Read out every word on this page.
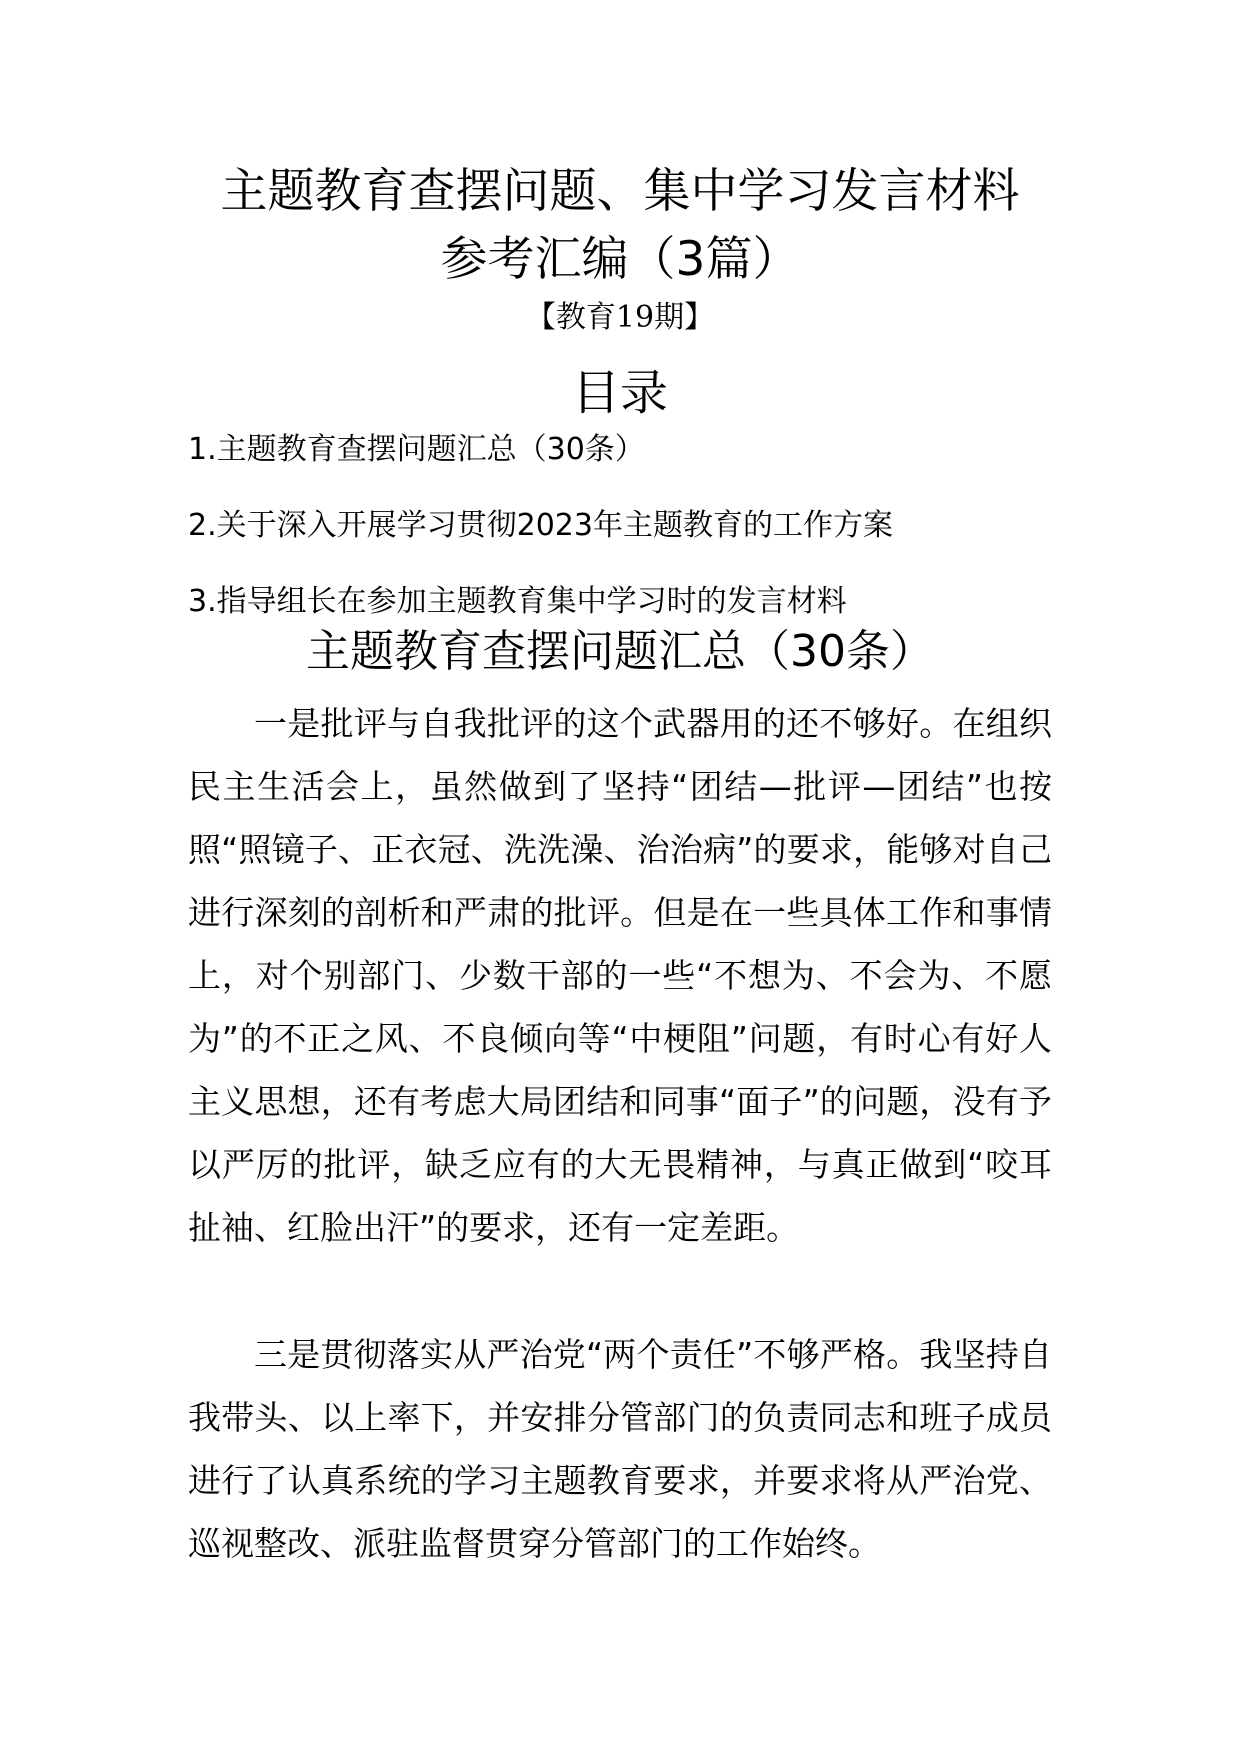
主题教育查摆问题、集中学习发言材料参考汇编（3篇）
【教育19期】
目录
1.主题教育查摆问题汇总（30条）
2.关于深入开展学习贯彻2023年主题教育的工作方案
3.指导组长在参加主题教育集中学习时的发言材料
主题教育查摆问题汇总（30条）

一是批评与自我批评的这个武器用的还不够好。在组织民主生活会上，虽然做到了坚持“团结—批评—团结”也按照“照镜子、正衣冠、洗洗澡、治治病”的要求，能够对自己进行深刻的剖析和严肃的批评。但是在一些具体工作和事情上，对个别部门、少数干部的一些“不想为、不会为、不愿为”的不正之风、不良倾向等“中梗阻”问题，有时心有好人主义思想，还有考虑大局团结和同事“面子”的问题，没有予以严厉的批评，缺乏应有的大无畏精神，与真正做到“咬耳扯袖、红脸出汗”的要求，还有一定差距。

三是贯彻落实从严治党“两个责任”不够严格。我坚持自我带头、以上率下，并安排分管部门的负责同志和班子成员进行了认真系统的学习主题教育要求，并要求将从严治党、巡视整改、派驻监督贯穿分管部门的工作始终。
